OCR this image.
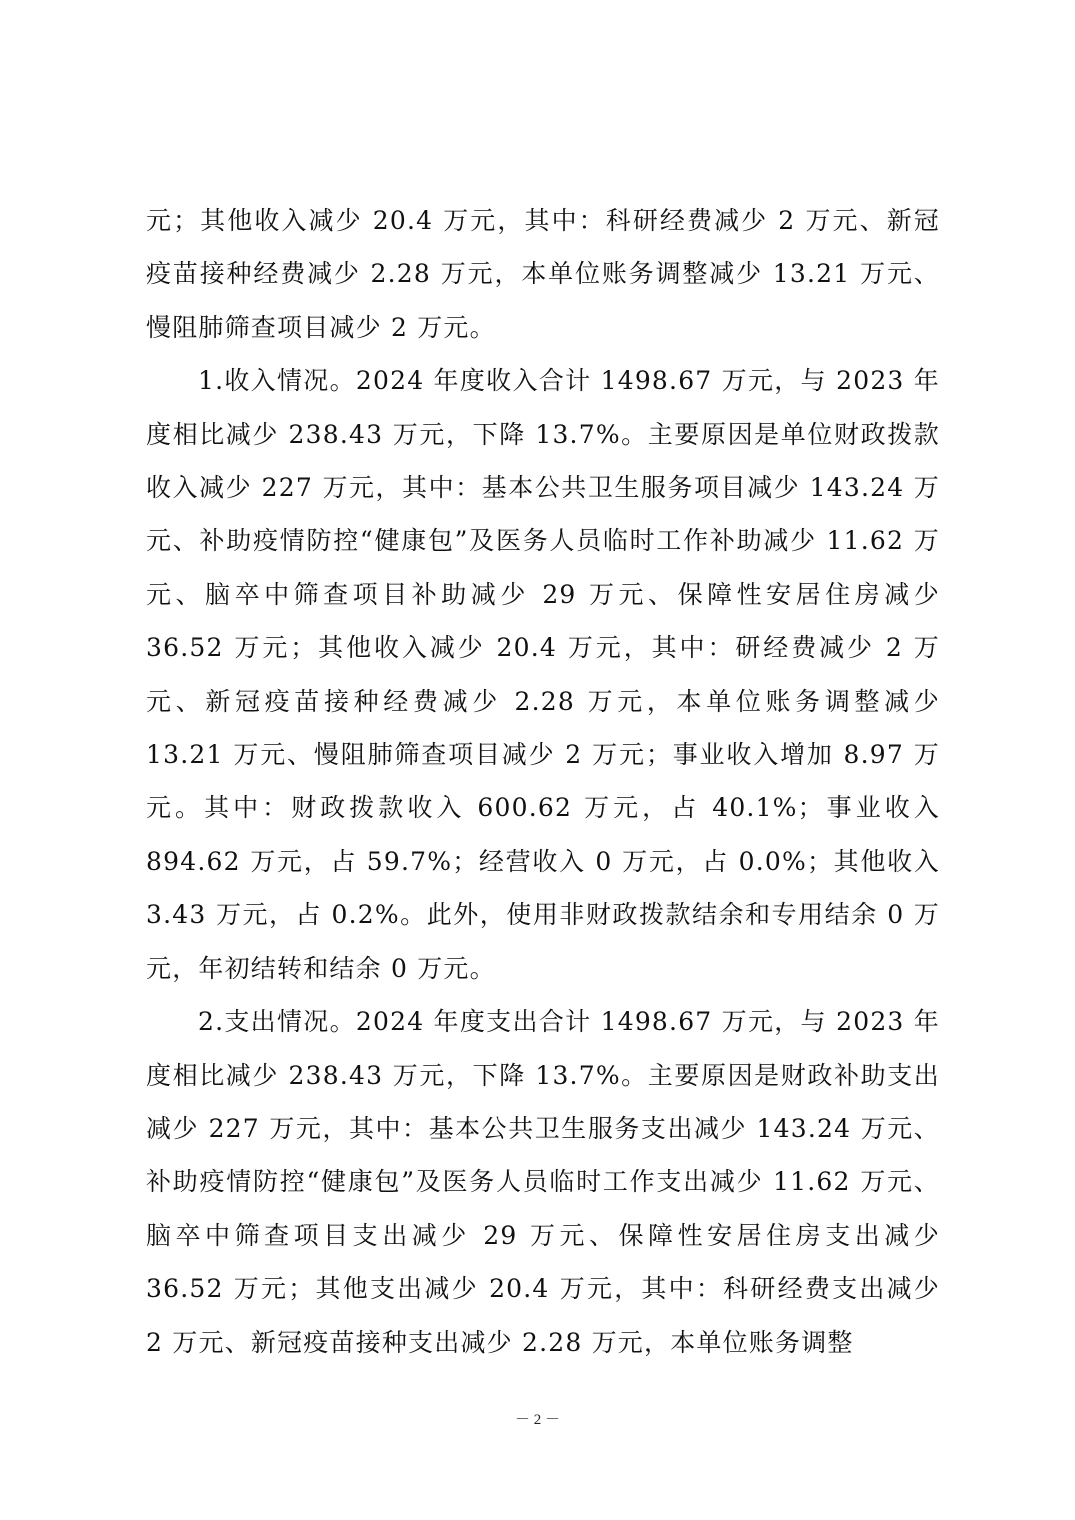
元；其他收入减少 20.4 万元，其中：科研经费减少 2 万元、新冠疫苗接种经费减少 2.28 万元，本单位账务调整减少 13.21 万元、慢阻肺筛查项目减少 2 万元。

1.收入情况。2024 年度收入合计 1498.67 万元，与 2023 年度相比减少 238.43 万元，下降 13.7%。主要原因是单位财政拨款收入减少 227 万元，其中：基本公共卫生服务项目减少 143.24 万元、补助疫情防控“健康包”及医务人员临时工作补助减少 11.62 万元、脑卒中筛查项目补助减少 29 万元、保障性安居住房减少 36.52 万元；其他收入减少 20.4 万元，其中：研经费减少 2 万元、新冠疫苗接种经费减少 2.28 万元，本单位账务调整减少 13.21 万元、慢阻肺筛查项目减少 2 万元；事业收入增加 8.97 万元。其中：财政拨款收入 600.62 万元，占 40.1%；事业收入 894.62 万元，占 59.7%；经营收入 0 万元，占 0.0%；其他收入 3.43 万元，占 0.2%。此外，使用非财政拨款结余和专用结余 0 万元，年初结转和结余 0 万元。

2.支出情况。2024 年度支出合计 1498.67 万元，与 2023 年度相比减少 238.43 万元，下降 13.7%。主要原因是财政补助支出减少 227 万元，其中：基本公共卫生服务支出减少 143.24 万元、补助疫情防控“健康包”及医务人员临时工作支出减少 11.62 万元、脑卒中筛查项目支出减少 29 万元、保障性安居住房支出减少 36.52 万元；其他支出减少 20.4 万元，其中：科研经费支出减少 2 万元、新冠疫苗接种支出减少 2.28 万元，本单位账务调整

－ 2 －
